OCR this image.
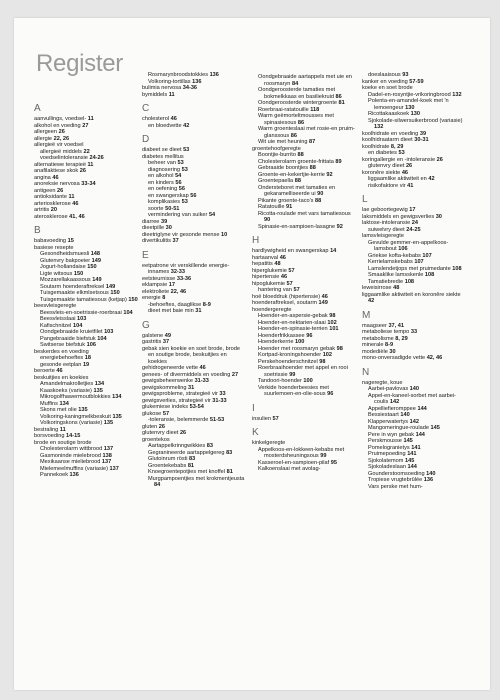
Register
A
aanvullings, voedsel- 11
alkohol en voeding 27
allergeen 26
allergie 22, 26
allergieë vir voedsel
allergieë middels 22
voedselintoleransie 24-26
alternatiewe terapieë 11
anafilaktiese skok 26
angina 46
anoreksie nervosa 33-34
antigeen 26
antioksidante 11
arteriosklerose 46
artritis 20
aterosklerose 41, 46
B
babavoeding 15
basiese resepte
Gesondheidsmuesli 148
Glutenvry bakpoeier 149
Jogurt-hollandaise 150
Ligte witsous 150
Mozzarellakaassous 149
Soutarm hoenderaftreksel 149
Tuisgemaakte elkmlsetsous 150
Tuisgemaakte tamatiesous (ketjap) 150
beesvleisgeregte
Beesvleis-en-soetrissie-roerbraai 104
Beesvleisslaai 103
Kafischnitzel 104
Oondgebraaide kruietfilet 103
Pangebraaide biefstuk 104
Switserse biefstuk 106
beskerdes en voeding
energiebehoeftes 18
gesonde eetplan 19
beroerte 46
beskuitjies en koekies
Amandelmakrolletjies 134
Kaaskoeks (variasie) 135
Mikrogolfhawermoutblokkies 134
Muffins 134
Skons met olie 135
Volkoring-kaningmelkbeskuit 135
Volkoringskons (variasie) 135
bestraling 11
borsvoeding 14-15
brode en soutige brode
Cholesterolarm wittbrood 137
Gasmoninde mielebrood 138
Mexikaanse mieliebrood 137
Mielemeelmuffins (variasie) 137
Pannekoek 136
Rosmarynbroodstokkies 136
Volkoring-tortillas 136
bulimia nervosa 34-36
bymiddels 11
C
cholesterol 46
en bloedvette 42
D
diabeet se dieet 53
diabetes mellitus
beheer van 53
diagnosering 53
en alkohol 54
en kinders 56
en oefening 56
en swangerskap 56
komplikasies 53
soorte 50-51
vermindering van suiker 54
diarree 39
dieetpille 30
dieetriglyne vir gesonde mense 10
divertikulitis 37
E
eetpatrone vir verskillende energie-innames 32-33
eetsteurnisse 33-36
eklampsie 17
elektroliete 22, 46
energie 8
-behoeftes, daaglikse 8-9
dieet met baie min 31
G
galstene 49
gastritis 37
gebak sien koekie en soet brode, brode en soutige brode, beskuitjies en koekies
gehidrogeneerde vette 46
genees- of divermiddels en voeding 27
gewigsbeheerwenke 31-33
gewigskommeling 31
gewigsprobleme, strategieë vir 33
gewigsverlies, strategieë vir 31-33
glukemiese indeks 53-54
glukose 57
-toleransie, belemmerde 51-53
gluten 26
glutenvry dieet 26
groentekos
Aartappelkrinngwikkies 83
Gegranineerde aartappelgereg 83
Glutoinrum rösti 83
Groentekebabs 81
Knoegroentepotjies met knoffel 81
Murgpampoentjies met krokmentjeusta 84
Oondgebraaide aartappels met uie en roosmaryn 84
Oondgeroosterde tamaties met bokmelkkaas en basiliekruid 86
Oondgeroosterde wintergroente 81
Roerbraai-ratatouille 118
Warm geëmorteltmousses met spinasiesous 86
Warm groenteslaai met rosie-en pruim-glanssous 86
Wit uie met heuning 87
groentehoofgeregte
Boontjie-burrito 88
Cholesterolarm groente-frittata 89
Gebraaide boontjies 88
Groente-en-kekertjie-kerrie 92
Groentepaella 88
Ondersteboret met tamaties en gekaramelliseerde ui 90
Pikante groente-taco's 88
Ratatouille 91
Ricotta-roulade met vars tamatiesous 90
Spinasie-en-sampioen-lasagne 92
H
hardlywigheid en swangerskap 14
hartaanval 46
hepatitis 48
hiperglukemie 57
hipertensie 46
hipoglukemie 57
hantering van 57
hoë bloeddruk (hipertensie) 46
hoenderaftreksel, soutarm 149
hoendergeregte
Hoender-en-aspersie-gebak 98
Hoender-en-nektarien-slaai 102
Hoender-en-spinasie-terrien 101
Hoenderfrikkassee 96
Hoenderkerrie 100
Hoender met roosmaryn gebak 98
Kortpad-kroningshoender 102
Perskehoenderschnitzel 98
Roerbraaihoender met appel en rooi soetrissie 99
Tandoori-hoender 100
Verkide hoenderbeesies met suurlemoen-en-olie-sous 96
I
insulien 57
K
kinkelgeregte
Appelkoos-en-lokkeen-kebabs met mosterdsheuningsous 99
Kasseroel-en-sampioen-pilaf 95
Kalkoenslaai met avolag-
doeslaaisous 93
kanker en voeding 57-59
koeke en soet brode
Dadel-en-rosyntjie-vrikoringbrood 132
Polenta-en-amandel-koek met 'n lemoengeur 130
Ricottakaaskoek 130
Sjokolade-silwersuikerbrood (variasie) 132
koolhidrate en voeding 39
koolhidraatarm dieet 30-31
koolhidrate 8, 29
en diabetes 53
koringallergie en -intoleransie 26
glutenvry dieet 26
koronêre siekte 46
liggaamlike aktiwiteit en 42
risikofaktore vir 41
L
lae geboortegewig 17
laksmiddels en gewigsverlies 30
laktose-intoleransie 24
suiwelvry dieet 24-25
lamsvleisgeregte
Gevulde gemmer-en-appelkoos-lamsbout 106
Griekse kofta-kebabs 107
Kerrielamskebabs 107
Lamslendetjops met pruimedante 108
Smaaklike lamsskenle 108
Tamatiebredie 108
leweisirrose 48
liggaamlike aktiwiteit en koronêre siekte 42
M
maagseer 37, 41
metaboliese tempo 33
metabolisme 8, 29
minerale 8-9
modedièle 30
mono-onversadigde vette 42, 46
N
nageregte, koue
Aarbei-pavlovas 140
Appel-en-kaneel-sorbet met aarbei-coulis 142
Appelliefieromppee 144
Bessiestaart 140
Klapperwatertys 142
Mangomeringue-roulade 145
Pere in wyn gebak 144
Perskmousse 145
Pomelogranietys 141
Pruimepoeding 141
Sjokolatemom 145
Sjokoladeslaan 144
Gounderstoomsoeding 140
Tropiese vrugtebrûlée 136
Vars perske met hum-
